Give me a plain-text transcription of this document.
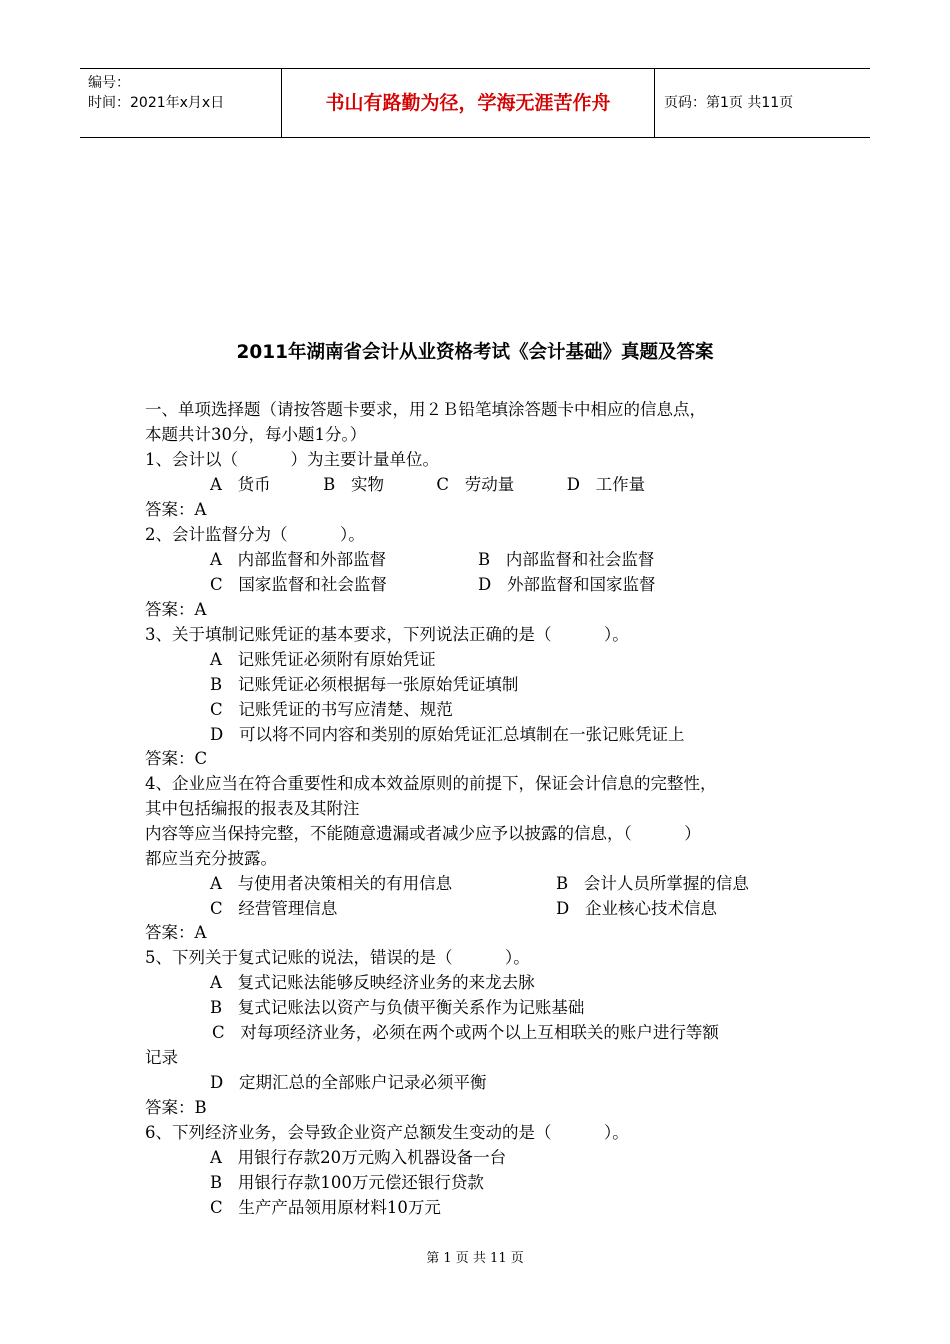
编号：
时间：2021年x月x日	书山有路勤为径，学海无涯苦作舟	页码：第1页 共11页
2011年湖南省会计从业资格考试《会计基础》真题及答案
一、单项选择题（请按答题卡要求，用２Ｂ铅笔填涂答题卡中相应的信息点，
本题共计30分，每小题1分。）
1、会计以（          ）为主要计量单位。
A   货币          B   实物          C   劳动量          D   工作量
答案：A
2、会计监督分为（          ）。
A   内部监督和外部监督	B   内部监督和社会监督
C   国家监督和社会监督	D   外部监督和国家监督
答案：A
3、关于填制记账凭证的基本要求，下列说法正确的是（          ）。
A   记账凭证必须附有原始凭证
B   记账凭证必须根据每一张原始凭证填制
C   记账凭证的书写应清楚、规范
D   可以将不同内容和类别的原始凭证汇总填制在一张记账凭证上
答案：C
4、企业应当在符合重要性和成本效益原则的前提下，保证会计信息的完整性，
其中包括编报的报表及其附注
内容等应当保持完整，不能随意遗漏或者减少应予以披露的信息，（          ）
都应当充分披露。
A   与使用者决策相关的有用信息	B   会计人员所掌握的信息
C   经营管理信息	D   企业核心技术信息
答案：A
5、下列关于复式记账的说法，错误的是（          ）。
A   复式记账法能够反映经济业务的来龙去脉
B   复式记账法以资产与负债平衡关系作为记账基础
C   对每项经济业务，必须在两个或两个以上互相联关的账户进行等额
记录
D   定期汇总的全部账户记录必须平衡
答案：B
6、下列经济业务，会导致企业资产总额发生变动的是（          ）。
A   用银行存款20万元购入机器设备一台
B   用银行存款100万元偿还银行贷款
C   生产产品领用原材料10万元
第 1 页 共 11 页
